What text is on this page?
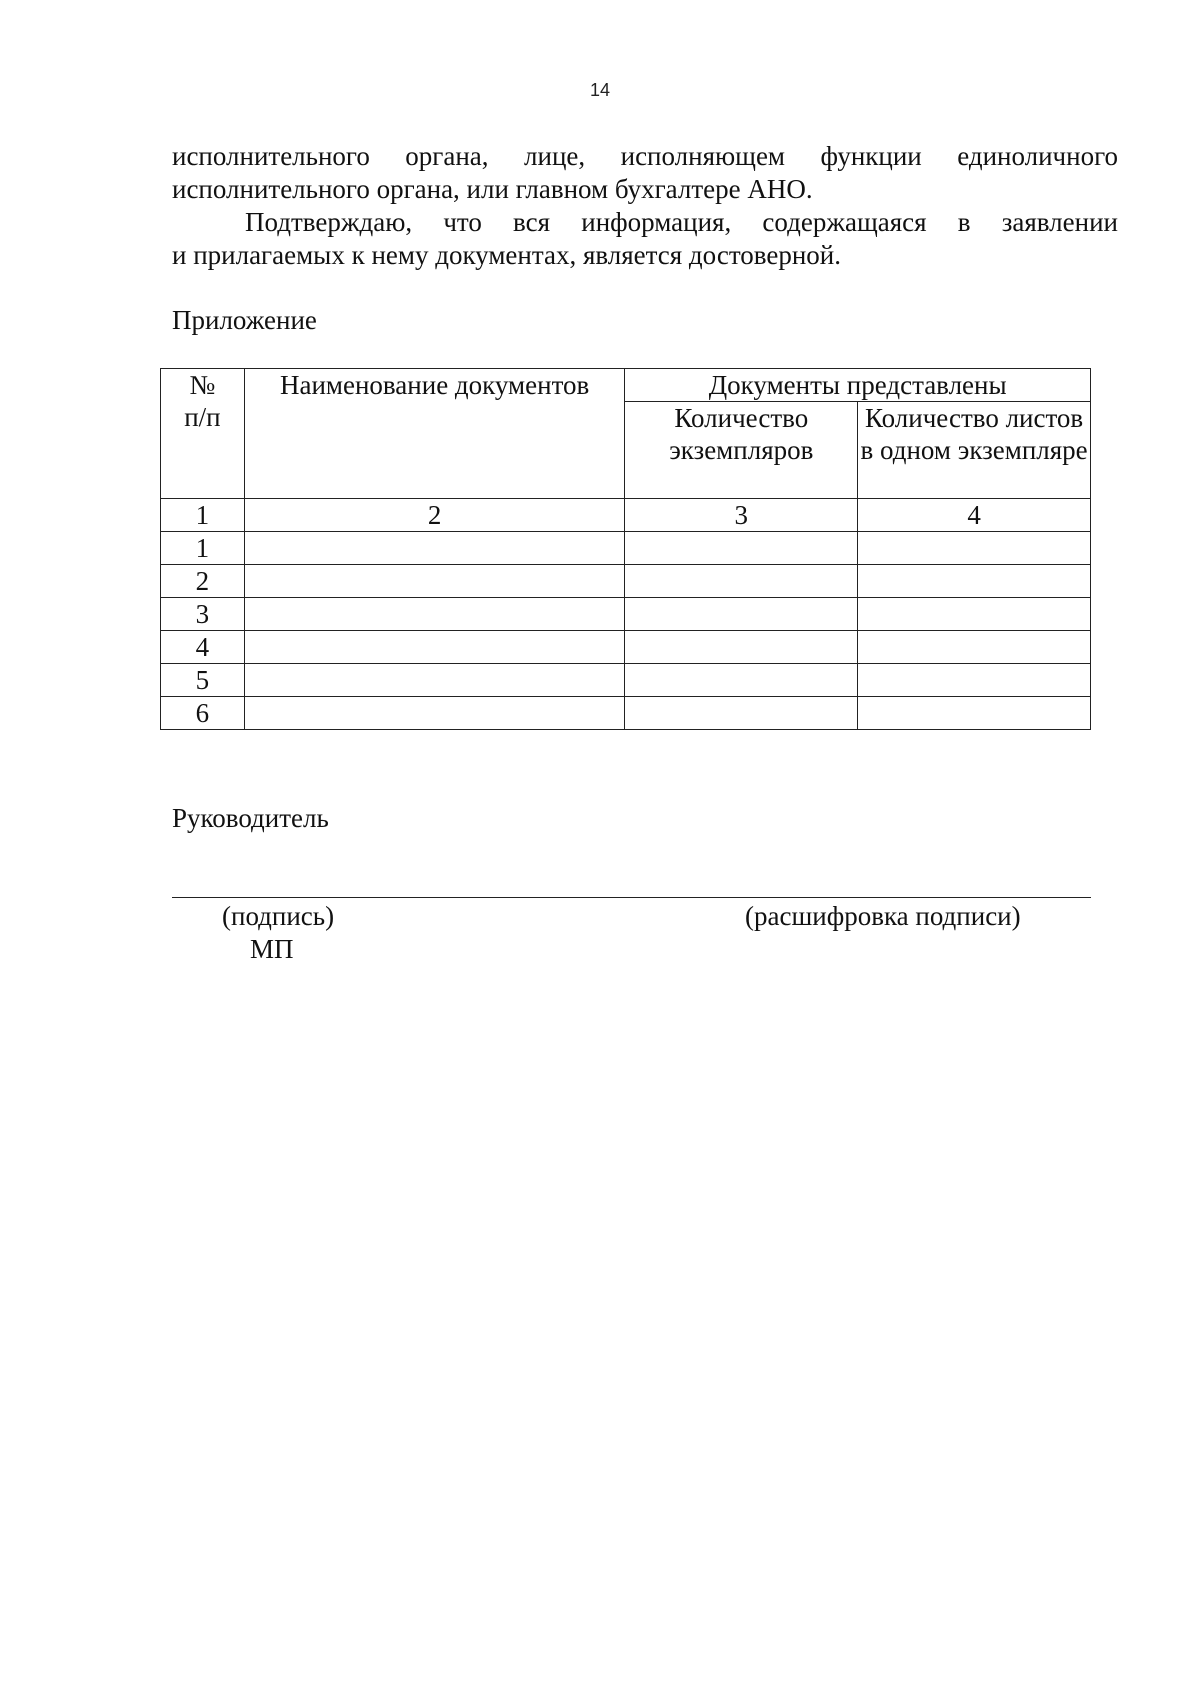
14
исполнительного органа, лице, исполняющем функции единоличного
исполнительного органа, или главном бухгалтере АНО.
Подтверждаю, что вся информация, содержащаяся в заявлении
и прилагаемых к нему документах, является достоверной.
Приложение
№
п/п	Наименование документов	Документы представлены	
		Количество экземпляров	Количество листов в одном экземпляре
1	2	3	4
1			
2			
3			
4			
5			
6			
Руководитель
(подпись)	(расшифровка подписи)
МП
